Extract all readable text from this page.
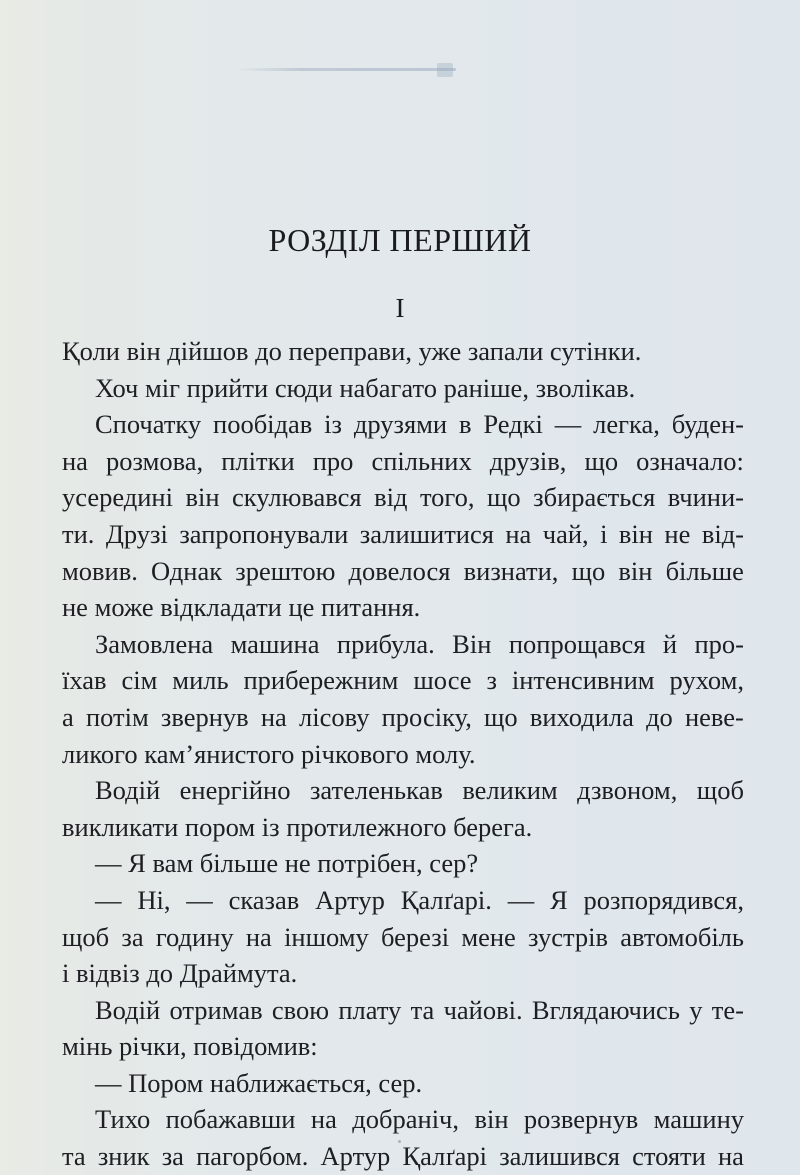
РОЗДІЛ ПЕРШИЙ
I
Қоли він дійшов до переправи, уже запали сутінки.
Хоч міг прийти сюди набагато раніше, зволікав.
Спочатку пообідав із друзями в Редкі — легка, буден-
на розмова, плітки про спільних друзів, що означало:
усередині він скулювався від того, що збирається вчини-
ти. Друзі запропонували залишитися на чай, і він не від-
мовив. Однак зрештою довелося визнати, що він більше
не може відкладати це питання.
Замовлена машина прибула. Він попрощався й про-
їхав сім миль прибережним шосе з інтенсивним рухом,
а потім звернув на лісову просіку, що виходила до неве-
ликого кам’янистого річкового молу.
Водій енергійно зателенькав великим дзвоном, щоб
викликати пором із протилежного берега.
— Я вам більше не потрібен, сер?
— Ні, — сказав Артур Қалґарі. — Я розпорядився,
щоб за годину на іншому березі мене зустрів автомобіль
і відвіз до Драймута.
Водій отримав свою плату та чайові. Вглядаючись у те-
мінь річки, повідомив:
— Пором наближається, сер.
Тихо побажавши на добраніч, він розвернув машину
та зник за пагорбом. Артур Қалґарі залишився стояти на
